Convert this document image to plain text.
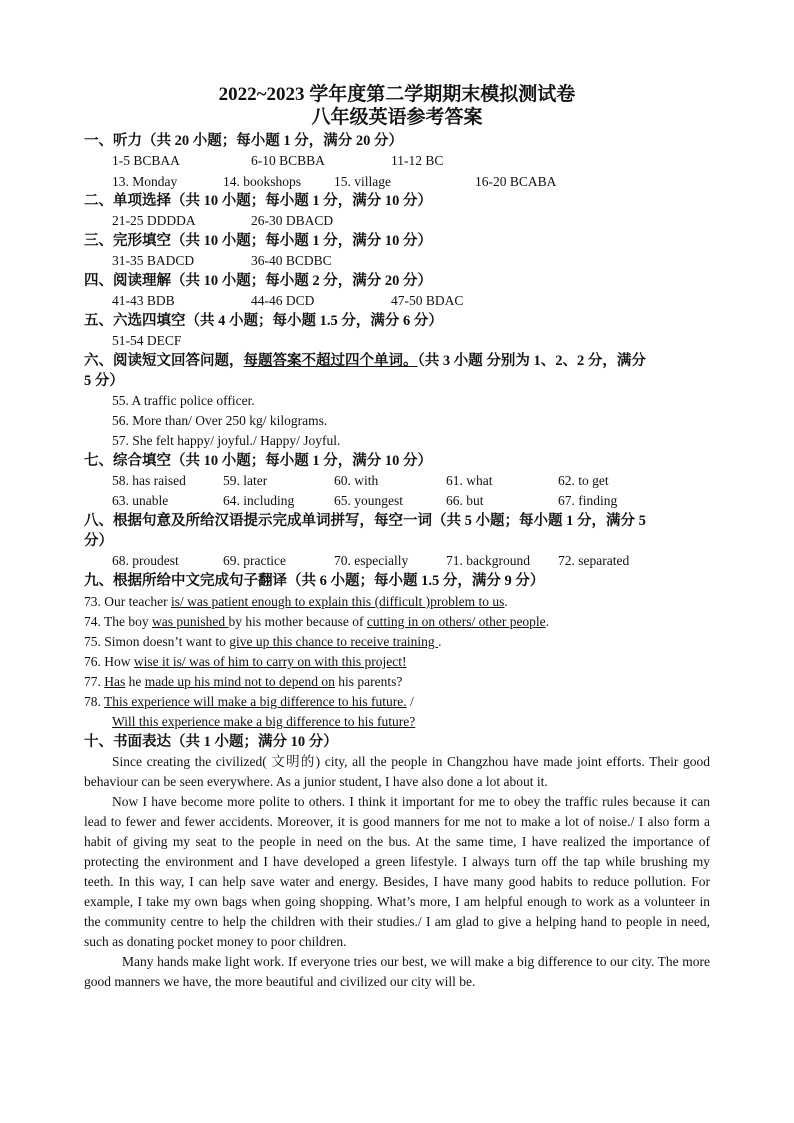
2022~2023 学年度第二学期期末模拟测试卷
八年级英语参考答案
一、听力（共 20 小题；每小题 1 分，满分 20 分）
1-5 BCBAA	6-10 BCBBA	11-12 BC
13. Monday	14. bookshops 15. village	16-20 BCABA
二、单项选择（共 10 小题；每小题 1 分，满分 10 分）
21-25 DDDDA	26-30 DBACD
三、完形填空（共 10 小题；每小题 1 分，满分 10 分）
31-35 BADCD	36-40 BCDBC
四、阅读理解（共 10 小题；每小题 2 分，满分 20 分）
41-43 BDB	44-46 DCD	47-50 BDAC
五、六选四填空（共 4 小题；每小题 1.5 分，满分 6 分）
51-54 DECF
六、阅读短文回答问题，每题答案不超过四个单词。（共 3 小题 分别为 1、2、2 分，满分
5 分）
55. A traffic police officer.
56. More than/ Over 250 kg/ kilograms.
57. She felt happy/ joyful./ Happy/ Joyful.
七、综合填空（共 10 小题；每小题 1 分，满分 10 分）
58. has raised	59. later	60. with	61. what	62. to get
63. unable	64. including	65. youngest	66. but	67. finding
八、根据句意及所给汉语提示完成单词拼写，每空一词（共 5 小题；每小题 1 分，满分 5
分）
68. proudest	69. practice	70. especially	71. background 72. separated
九、根据所给中文完成句子翻译（共 6 小题；每小题 1.5 分，满分 9 分）
73. Our teacher is/ was patient enough to explain this (difficult )problem to us.
74. The boy was punished by his mother because of cutting in on others/ other people.
75. Simon doesn’t want to give up this chance to receive training .
76. How wise it is/ was of him to carry on with this project!
77. Has he made up his mind not to depend on his parents?
78. This experience will make a big difference to his future. /
Will this experience make a big difference to his future?
十、书面表达（共 1 小题；满分 10 分）

Since creating the civilized( 文明的) city, all the people in Changzhou have made joint efforts. Their good behaviour can be seen everywhere. As a junior student, I have also done a lot about it.

Now I have become more polite to others. I think it important for me to obey the traffic rules because it can lead to fewer and fewer accidents. Moreover, it is good manners for me not to make a lot of noise./ I also form a habit of giving my seat to the people in need on the bus. At the same time, I have realized the importance of protecting the environment and I have developed a green lifestyle. I always turn off the tap while brushing my teeth. In this way, I can help save water and energy. Besides, I have many good habits to reduce pollution. For example, I take my own bags when going shopping. What’s more, I am helpful enough to work as a volunteer in the community centre to help the children with their studies./ I am glad to give a helping hand to people in need, such as donating pocket money to poor children.

Many hands make light work. If everyone tries our best, we will make a big difference to our city. The more good manners we have, the more beautiful and civilized our city will be.
